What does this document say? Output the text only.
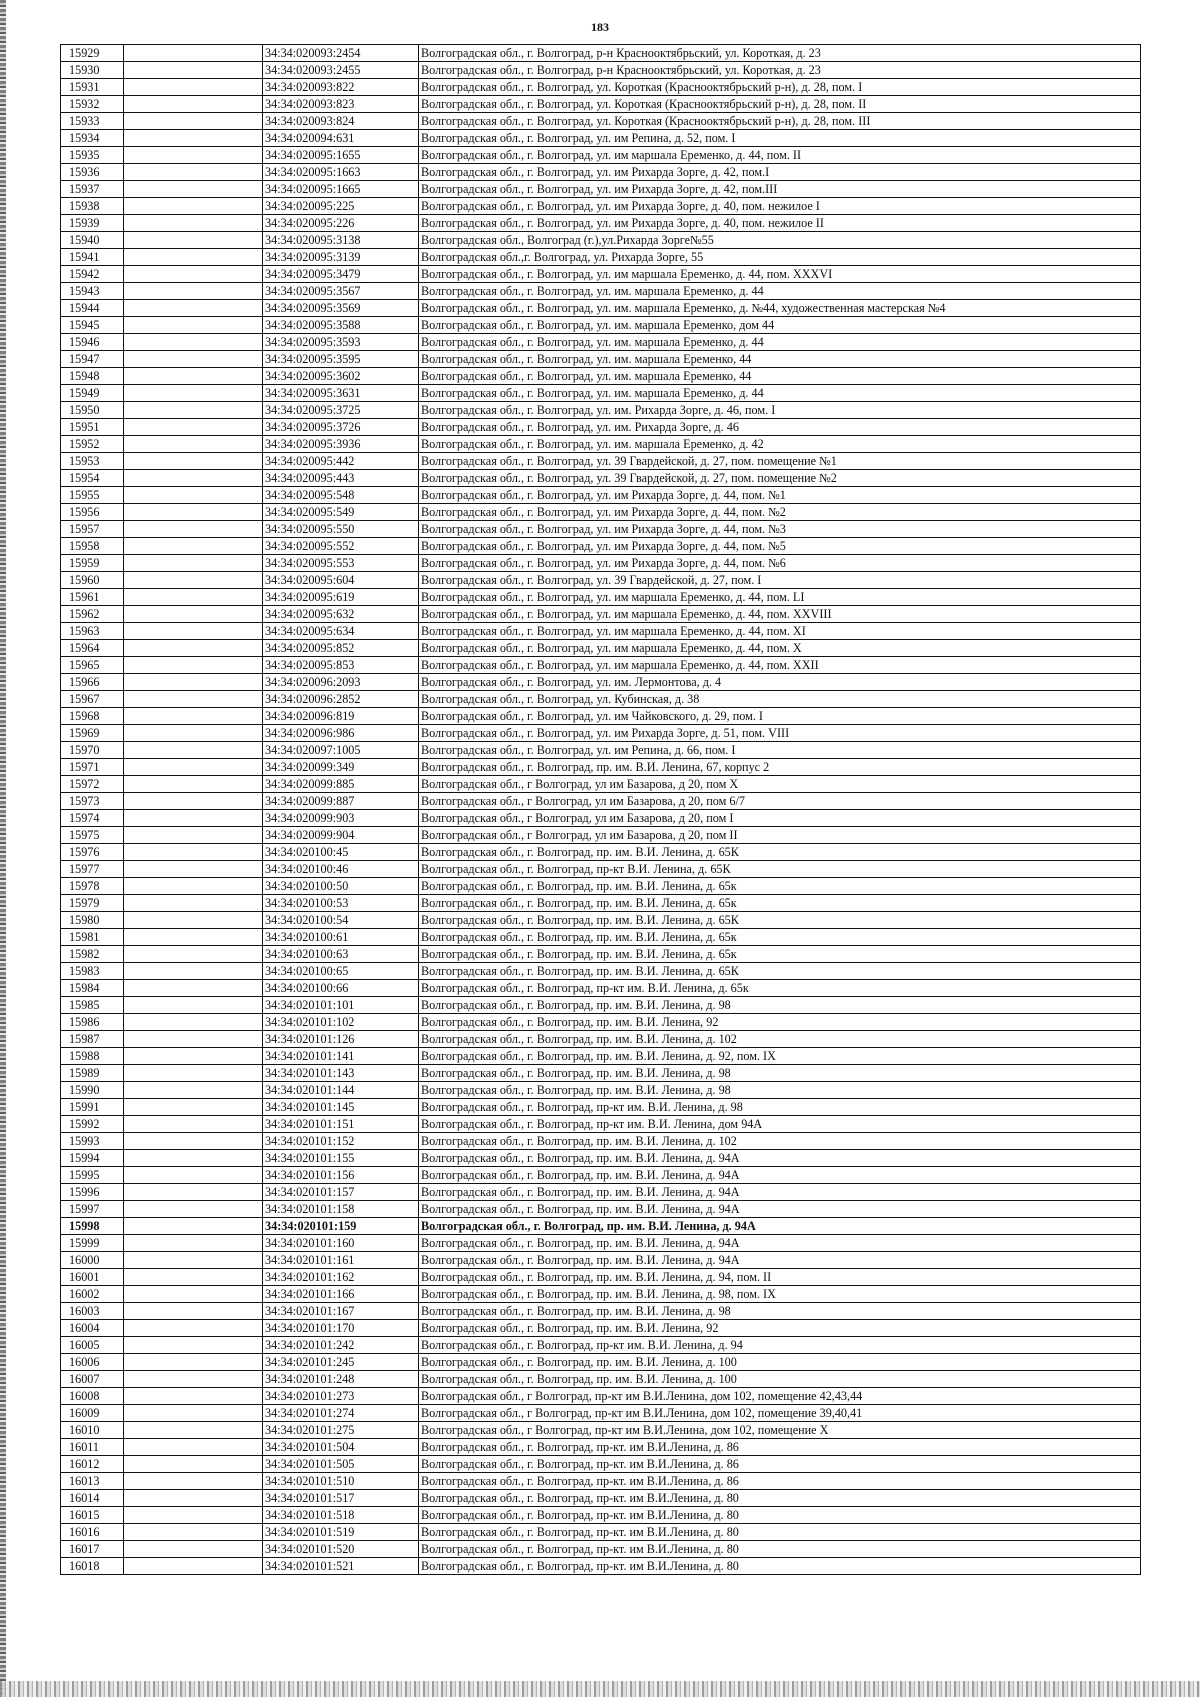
183
15929		34:34:020093:2454	Волгоградская обл., г. Волгоград, р-н Краснооктябрьский, ул. Короткая, д. 23
15930		34:34:020093:2455	Волгоградская обл., г. Волгоград, р-н Краснооктябрьский, ул. Короткая, д. 23
15931		34:34:020093:822	Волгоградская обл., г. Волгоград, ул. Короткая (Краснооктябрьский р-н), д. 28, пом. I
15932		34:34:020093:823	Волгоградская обл., г. Волгоград, ул. Короткая (Краснооктябрьский р-н), д. 28, пом. II
15933		34:34:020093:824	Волгоградская обл., г. Волгоград, ул. Короткая (Краснооктябрьский р-н), д. 28, пом. III
15934		34:34:020094:631	Волгоградская обл., г. Волгоград, ул. им Репина, д. 52, пом. I
15935		34:34:020095:1655	Волгоградская обл., г. Волгоград, ул. им маршала Еременко, д. 44, пом. II
15936		34:34:020095:1663	Волгоградская обл., г. Волгоград, ул. им Рихарда Зорге, д. 42, пом.I
15937		34:34:020095:1665	Волгоградская обл., г. Волгоград, ул. им Рихарда Зорге, д. 42, пом.III
15938		34:34:020095:225	Волгоградская обл., г. Волгоград, ул. им Рихарда Зорге, д. 40, пом. нежилое I
15939		34:34:020095:226	Волгоградская обл., г. Волгоград, ул. им Рихарда Зорге, д. 40, пом. нежилое II
15940		34:34:020095:3138	Волгоградская обл., Волгоград (г.),ул.Рихарда Зорге№55
15941		34:34:020095:3139	Волгоградская обл.,г. Волгоград, ул. Рихарда Зорге, 55
15942		34:34:020095:3479	Волгоградская обл., г. Волгоград, ул. им маршала Еременко, д. 44, пом. XXXVI
15943		34:34:020095:3567	Волгоградская обл., г. Волгоград, ул. им. маршала Еременко, д. 44
15944		34:34:020095:3569	Волгоградская обл., г. Волгоград, ул. им. маршала Еременко, д. №44, художественная мастерская №4
15945		34:34:020095:3588	Волгоградская обл., г. Волгоград, ул. им. маршала Еременко, дом 44
15946		34:34:020095:3593	Волгоградская обл., г. Волгоград, ул. им. маршала Еременко, д. 44
15947		34:34:020095:3595	Волгоградская обл., г. Волгоград, ул. им. маршала Еременко, 44
15948		34:34:020095:3602	Волгоградская обл., г. Волгоград, ул. им. маршала Еременко, 44
15949		34:34:020095:3631	Волгоградская обл., г. Волгоград, ул. им. маршала Еременко, д. 44
15950		34:34:020095:3725	Волгоградская обл., г. Волгоград, ул. им. Рихарда Зорге, д. 46, пом. I
15951		34:34:020095:3726	Волгоградская обл., г. Волгоград, ул. им. Рихарда Зорге, д. 46
15952		34:34:020095:3936	Волгоградская обл., г. Волгоград, ул. им. маршала Еременко, д. 42
15953		34:34:020095:442	Волгоградская обл., г. Волгоград, ул. 39 Гвардейской, д. 27, пом. помещение №1
15954		34:34:020095:443	Волгоградская обл., г. Волгоград, ул. 39 Гвардейской, д. 27, пом. помещение №2
15955		34:34:020095:548	Волгоградская обл., г. Волгоград, ул. им Рихарда Зорге, д. 44, пом. №1
15956		34:34:020095:549	Волгоградская обл., г. Волгоград, ул. им Рихарда Зорге, д. 44, пом. №2
15957		34:34:020095:550	Волгоградская обл., г. Волгоград, ул. им Рихарда Зорге, д. 44, пом. №3
15958		34:34:020095:552	Волгоградская обл., г. Волгоград, ул. им Рихарда Зорге, д. 44, пом. №5
15959		34:34:020095:553	Волгоградская обл., г. Волгоград, ул. им Рихарда Зорге, д. 44, пом. №6
15960		34:34:020095:604	Волгоградская обл., г. Волгоград, ул. 39 Гвардейской, д. 27, пом. I
15961		34:34:020095:619	Волгоградская обл., г. Волгоград, ул. им маршала Еременко, д. 44, пом. LI
15962		34:34:020095:632	Волгоградская обл., г. Волгоград, ул. им маршала Еременко, д. 44, пом. XXVIII
15963		34:34:020095:634	Волгоградская обл., г. Волгоград, ул. им маршала Еременко, д. 44, пом. XI
15964		34:34:020095:852	Волгоградская обл., г. Волгоград, ул. им маршала Еременко, д. 44, пом. X
15965		34:34:020095:853	Волгоградская обл., г. Волгоград, ул. им маршала Еременко, д. 44, пом. XXII
15966		34:34:020096:2093	Волгоградская обл., г. Волгоград, ул. им. Лермонтова, д. 4
15967		34:34:020096:2852	Волгоградская обл., г. Волгоград, ул. Кубинская, д. 38
15968		34:34:020096:819	Волгоградская обл., г. Волгоград, ул. им Чайковского, д. 29, пом. I
15969		34:34:020096:986	Волгоградская обл., г. Волгоград, ул. им Рихарда Зорге, д. 51, пом. VIII
15970		34:34:020097:1005	Волгоградская обл., г. Волгоград, ул. им Репина, д. 66, пом. I
15971		34:34:020099:349	Волгоградская обл., г. Волгоград, пр. им. В.И. Ленина, 67, корпус 2
15972		34:34:020099:885	Волгоградская обл., г Волгоград, ул им Базарова, д 20, пом X
15973		34:34:020099:887	Волгоградская обл., г Волгоград, ул им Базарова, д 20, пом 6/7
15974		34:34:020099:903	Волгоградская обл., г Волгоград, ул им Базарова, д 20, пом I
15975		34:34:020099:904	Волгоградская обл., г Волгоград, ул им Базарова, д 20, пом II
15976		34:34:020100:45	Волгоградская обл., г. Волгоград, пр. им. В.И. Ленина, д. 65К
15977		34:34:020100:46	Волгоградская обл., г. Волгоград, пр-кт В.И. Ленина, д. 65К
15978		34:34:020100:50	Волгоградская обл., г. Волгоград, пр. им. В.И. Ленина, д. 65к
15979		34:34:020100:53	Волгоградская обл., г. Волгоград, пр. им. В.И. Ленина, д. 65к
15980		34:34:020100:54	Волгоградская обл., г. Волгоград, пр. им. В.И. Ленина, д. 65К
15981		34:34:020100:61	Волгоградская обл., г. Волгоград, пр. им. В.И. Ленина, д. 65к
15982		34:34:020100:63	Волгоградская обл., г. Волгоград, пр. им. В.И. Ленина, д. 65к
15983		34:34:020100:65	Волгоградская обл., г. Волгоград, пр. им. В.И. Ленина, д. 65К
15984		34:34:020100:66	Волгоградская обл., г. Волгоград, пр-кт им. В.И. Ленина, д. 65к
15985		34:34:020101:101	Волгоградская обл., г. Волгоград, пр. им. В.И. Ленина, д. 98
15986		34:34:020101:102	Волгоградская обл., г. Волгоград, пр. им. В.И. Ленина, 92
15987		34:34:020101:126	Волгоградская обл., г. Волгоград, пр. им. В.И. Ленина, д. 102
15988		34:34:020101:141	Волгоградская обл., г. Волгоград, пр. им. В.И. Ленина, д. 92, пом. IX
15989		34:34:020101:143	Волгоградская обл., г. Волгоград, пр. им. В.И. Ленина, д. 98
15990		34:34:020101:144	Волгоградская обл., г. Волгоград, пр. им. В.И. Ленина, д. 98
15991		34:34:020101:145	Волгоградская обл., г. Волгоград, пр-кт им. В.И. Ленина, д. 98
15992		34:34:020101:151	Волгоградская обл., г. Волгоград, пр-кт им. В.И. Ленина, дом 94А
15993		34:34:020101:152	Волгоградская обл., г. Волгоград, пр. им. В.И. Ленина, д. 102
15994		34:34:020101:155	Волгоградская обл., г. Волгоград, пр. им. В.И. Ленина, д. 94А
15995		34:34:020101:156	Волгоградская обл., г. Волгоград, пр. им. В.И. Ленина, д. 94А
15996		34:34:020101:157	Волгоградская обл., г. Волгоград, пр. им. В.И. Ленина, д. 94А
15997		34:34:020101:158	Волгоградская обл., г. Волгоград, пр. им. В.И. Ленина, д. 94А
15998		34:34:020101:159	Волгоградская обл., г. Волгоград, пр. им. В.И. Ленина, д. 94А
15999		34:34:020101:160	Волгоградская обл., г. Волгоград, пр. им. В.И. Ленина, д. 94А
16000		34:34:020101:161	Волгоградская обл., г. Волгоград, пр. им. В.И. Ленина, д. 94А
16001		34:34:020101:162	Волгоградская обл., г. Волгоград, пр. им. В.И. Ленина, д. 94, пом. II
16002		34:34:020101:166	Волгоградская обл., г. Волгоград, пр. им. В.И. Ленина, д. 98, пом. IX
16003		34:34:020101:167	Волгоградская обл., г. Волгоград, пр. им. В.И. Ленина, д. 98
16004		34:34:020101:170	Волгоградская обл., г. Волгоград, пр. им. В.И. Ленина, 92
16005		34:34:020101:242	Волгоградская обл., г. Волгоград, пр-кт им. В.И. Ленина, д. 94
16006		34:34:020101:245	Волгоградская обл., г. Волгоград, пр. им. В.И. Ленина, д. 100
16007		34:34:020101:248	Волгоградская обл., г. Волгоград, пр. им. В.И. Ленина, д. 100
16008		34:34:020101:273	Волгоградская обл., г Волгоград, пр-кт им В.И.Ленина, дом 102, помещение 42,43,44
16009		34:34:020101:274	Волгоградская обл., г Волгоград, пр-кт им В.И.Ленина, дом 102, помещение 39,40,41
16010		34:34:020101:275	Волгоградская обл., г Волгоград, пр-кт им В.И.Ленина, дом 102, помещение X
16011		34:34:020101:504	Волгоградская обл., г. Волгоград, пр-кт. им В.И.Ленина, д. 86
16012		34:34:020101:505	Волгоградская обл., г. Волгоград, пр-кт. им В.И.Ленина, д. 86
16013		34:34:020101:510	Волгоградская обл., г. Волгоград, пр-кт. им В.И.Ленина, д. 86
16014		34:34:020101:517	Волгоградская обл., г. Волгоград, пр-кт. им В.И.Ленина, д. 80
16015		34:34:020101:518	Волгоградская обл., г. Волгоград, пр-кт. им В.И.Ленина, д. 80
16016		34:34:020101:519	Волгоградская обл., г. Волгоград, пр-кт. им В.И.Ленина, д. 80
16017		34:34:020101:520	Волгоградская обл., г. Волгоград, пр-кт. им В.И.Ленина, д. 80
16018		34:34:020101:521	Волгоградская обл., г. Волгоград, пр-кт. им В.И.Ленина, д. 80
